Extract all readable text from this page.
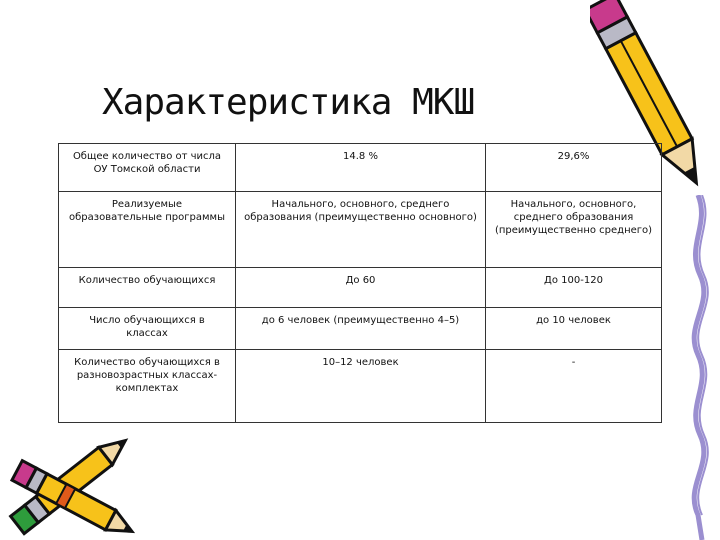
Характеристика МКШ
Общее количество от числа ОУ Томской области	14.8 %	29,6%
Реализуемые образовательные программы	Начального, основного, среднего образования (преимущественно основного)	Начального, основного, среднего образования (преимущественно среднего)
Количество обучающихся	До 60	До 100-120
Число обучающихся в классах	до 6 человек (преимущественно 4–5)	до 10 человек
Количество обучающихся в разновозрастных классах-комплектах	10–12 человек	-
